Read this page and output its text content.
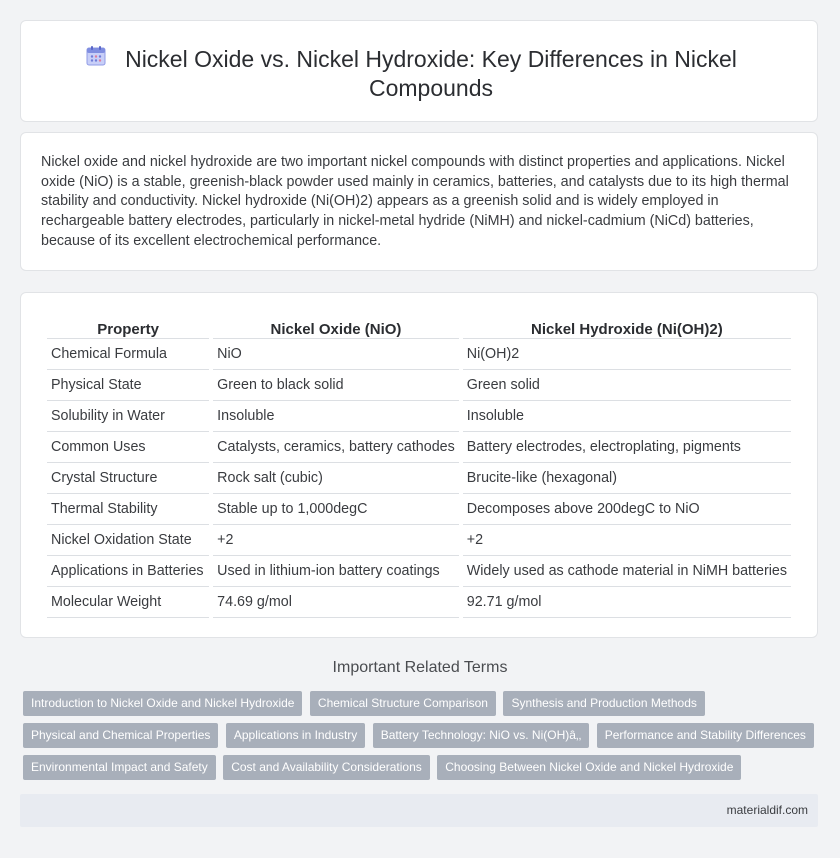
Nickel Oxide vs. Nickel Hydroxide: Key Differences in Nickel Compounds

Nickel oxide and nickel hydroxide are two important nickel compounds with distinct properties and applications. Nickel oxide (NiO) is a stable, greenish-black powder used mainly in ceramics, batteries, and catalysts due to its high thermal stability and conductivity. Nickel hydroxide (Ni(OH)2) appears as a greenish solid and is widely employed in rechargeable battery electrodes, particularly in nickel-metal hydride (NiMH) and nickel-cadmium (NiCd) batteries, because of its excellent electrochemical performance.

Property	Nickel Oxide (NiO)	Nickel Hydroxide (Ni(OH)2)
Chemical Formula	NiO	Ni(OH)2
Physical State	Green to black solid	Green solid
Solubility in Water	Insoluble	Insoluble
Common Uses	Catalysts, ceramics, battery cathodes	Battery electrodes, electroplating, pigments
Crystal Structure	Rock salt (cubic)	Brucite-like (hexagonal)
Thermal Stability	Stable up to 1,000degC	Decomposes above 200degC to NiO
Nickel Oxidation State	+2	+2
Applications in Batteries	Used in lithium-ion battery coatings	Widely used as cathode material in NiMH batteries
Molecular Weight	74.69 g/mol	92.71 g/mol
Important Related Terms
Introduction to Nickel Oxide and Nickel Hydroxide Chemical Structure Comparison Synthesis and Production Methods
Physical and Chemical Properties Applications in Industry Battery Technology: NiO vs. Ni(OH)â‚‚ Performance and Stability Differences
Environmental Impact and Safety Cost and Availability Considerations Choosing Between Nickel Oxide and Nickel Hydroxide
materialdif.com
